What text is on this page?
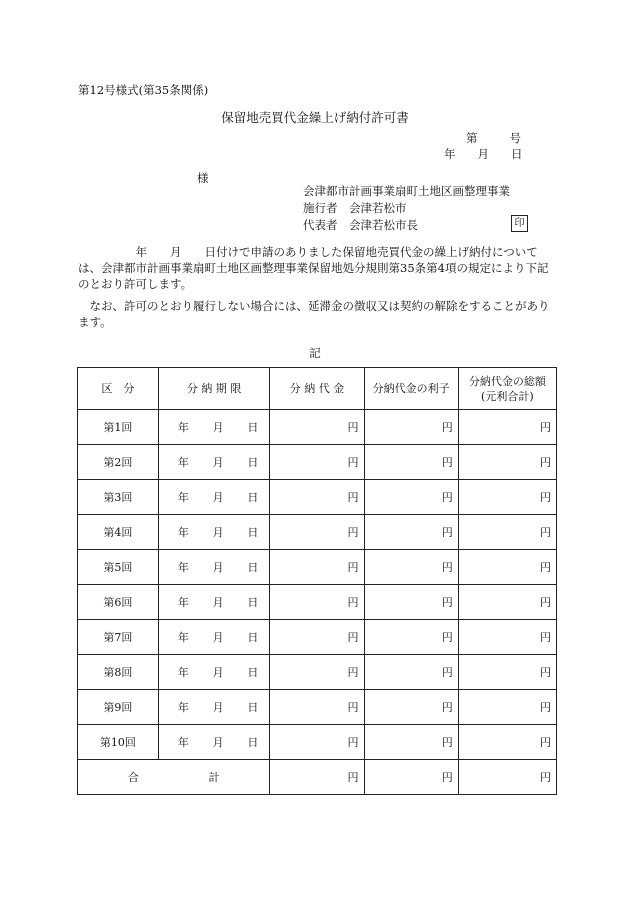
第12号様式(第35条関係)
保留地売買代金繰上げ納付許可書
第	号
年 月 日
様
会津都市計画事業扇町土地区画整理事業
施行者　会津若松市
代表者　会津若松市長	印
　　　　　年　　月　　日付けで申請のありました保留地売買代金の繰上げ納付については、会津都市計画事業扇町土地区画整理事業保留地処分規則第35条第4項の規定により下記のとおり許可します。
　なお、許可のとおり履行しない場合には、延滞金の徴収又は契約の解除をすることがあります。
記
区　分	分 納 期 限	分 納 代 金	分納代金の利子	分納代金の総額
(元利合計)

第1回	年 月 日	円	円	円
第2回	年 月 日	円	円	円
第3回	年 月 日	円	円	円
第4回	年 月 日	円	円	円
第5回	年 月 日	円	円	円
第6回	年 月 日	円	円	円
第7回	年 月 日	円	円	円
第8回	年 月 日	円	円	円
第9回	年 月 日	円	円	円
第10回	年 月 日	円	円	円

合 計		円	円	円
